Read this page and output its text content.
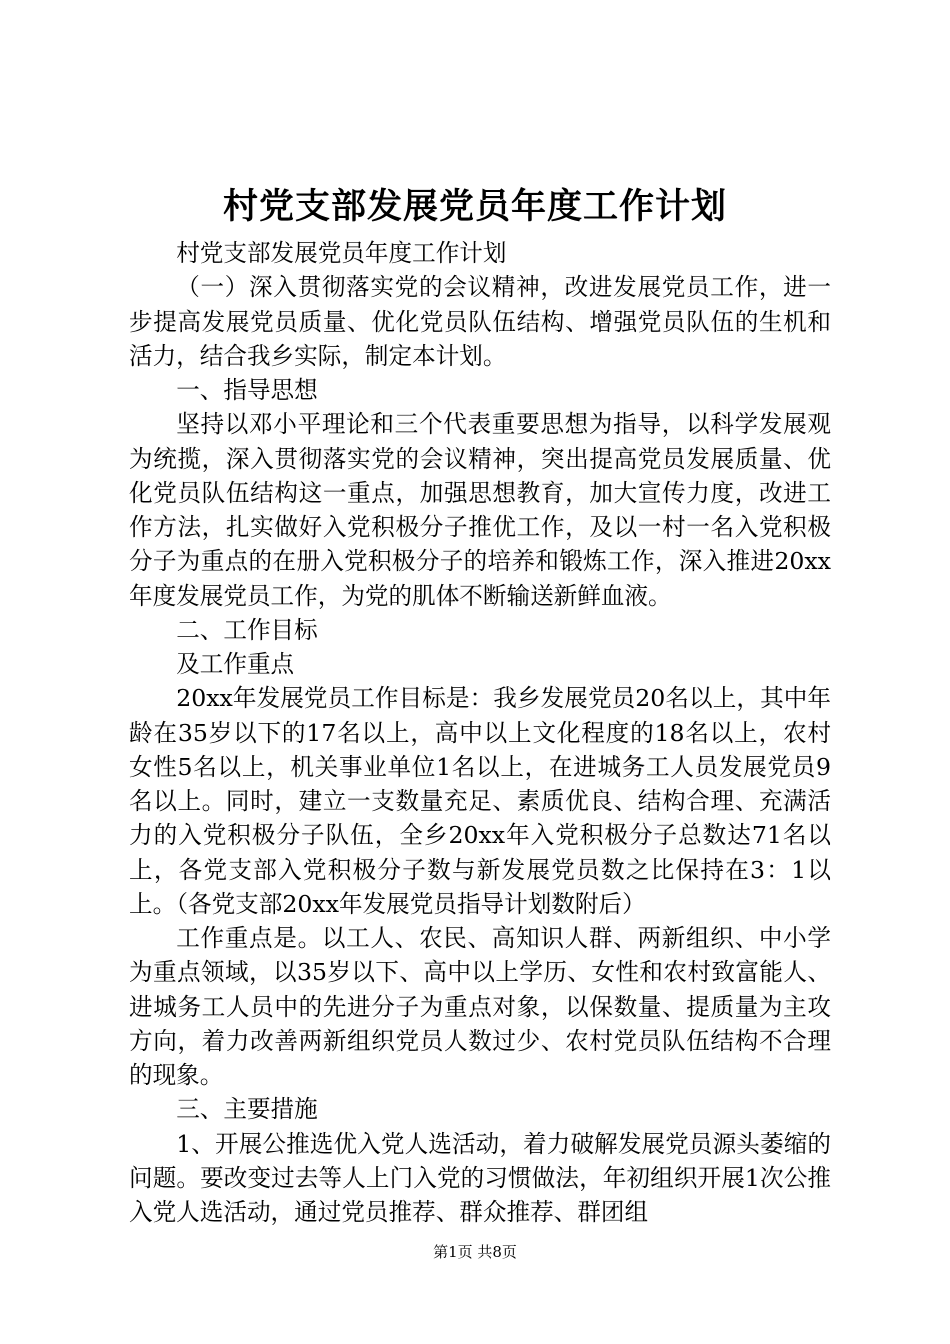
村党支部发展党员年度工作计划

村党支部发展党员年度工作计划

（一）深入贯彻落实党的会议精神，改进发展党员工作，进一步提高发展党员质量、优化党员队伍结构、增强党员队伍的生机和活力，结合我乡实际，制定本计划。

一、指导思想

坚持以邓小平理论和三个代表重要思想为指导，以科学发展观为统揽，深入贯彻落实党的会议精神，突出提高党员发展质量、优化党员队伍结构这一重点，加强思想教育，加大宣传力度，改进工作方法，扎实做好入党积极分子推优工作，及以一村一名入党积极分子为重点的在册入党积极分子的培养和锻炼工作，深入推进20xx年度发展党员工作，为党的肌体不断输送新鲜血液。

二、工作目标

及工作重点

20xx年发展党员工作目标是：我乡发展党员20名以上，其中年龄在35岁以下的17名以上，高中以上文化程度的18名以上，农村女性5名以上，机关事业单位1名以上，在进城务工人员发展党员9名以上。同时，建立一支数量充足、素质优良、结构合理、充满活力的入党积极分子队伍，全乡20xx年入党积极分子总数达71名以上，各党支部入党积极分子数与新发展党员数之比保持在3：1以上。（各党支部20xx年发展党员指导计划数附后）

工作重点是。以工人、农民、高知识人群、两新组织、中小学为重点领域，以35岁以下、高中以上学历、女性和农村致富能人、进城务工人员中的先进分子为重点对象，以保数量、提质量为主攻方向，着力改善两新组织党员人数过少、农村党员队伍结构不合理的现象。

三、主要措施

1、开展公推选优入党人选活动，着力破解发展党员源头萎缩的问题。要改变过去等人上门入党的习惯做法，年初组织开展1次公推入党人选活动，通过党员推荐、群众推荐、群团组

第1页 共8页
